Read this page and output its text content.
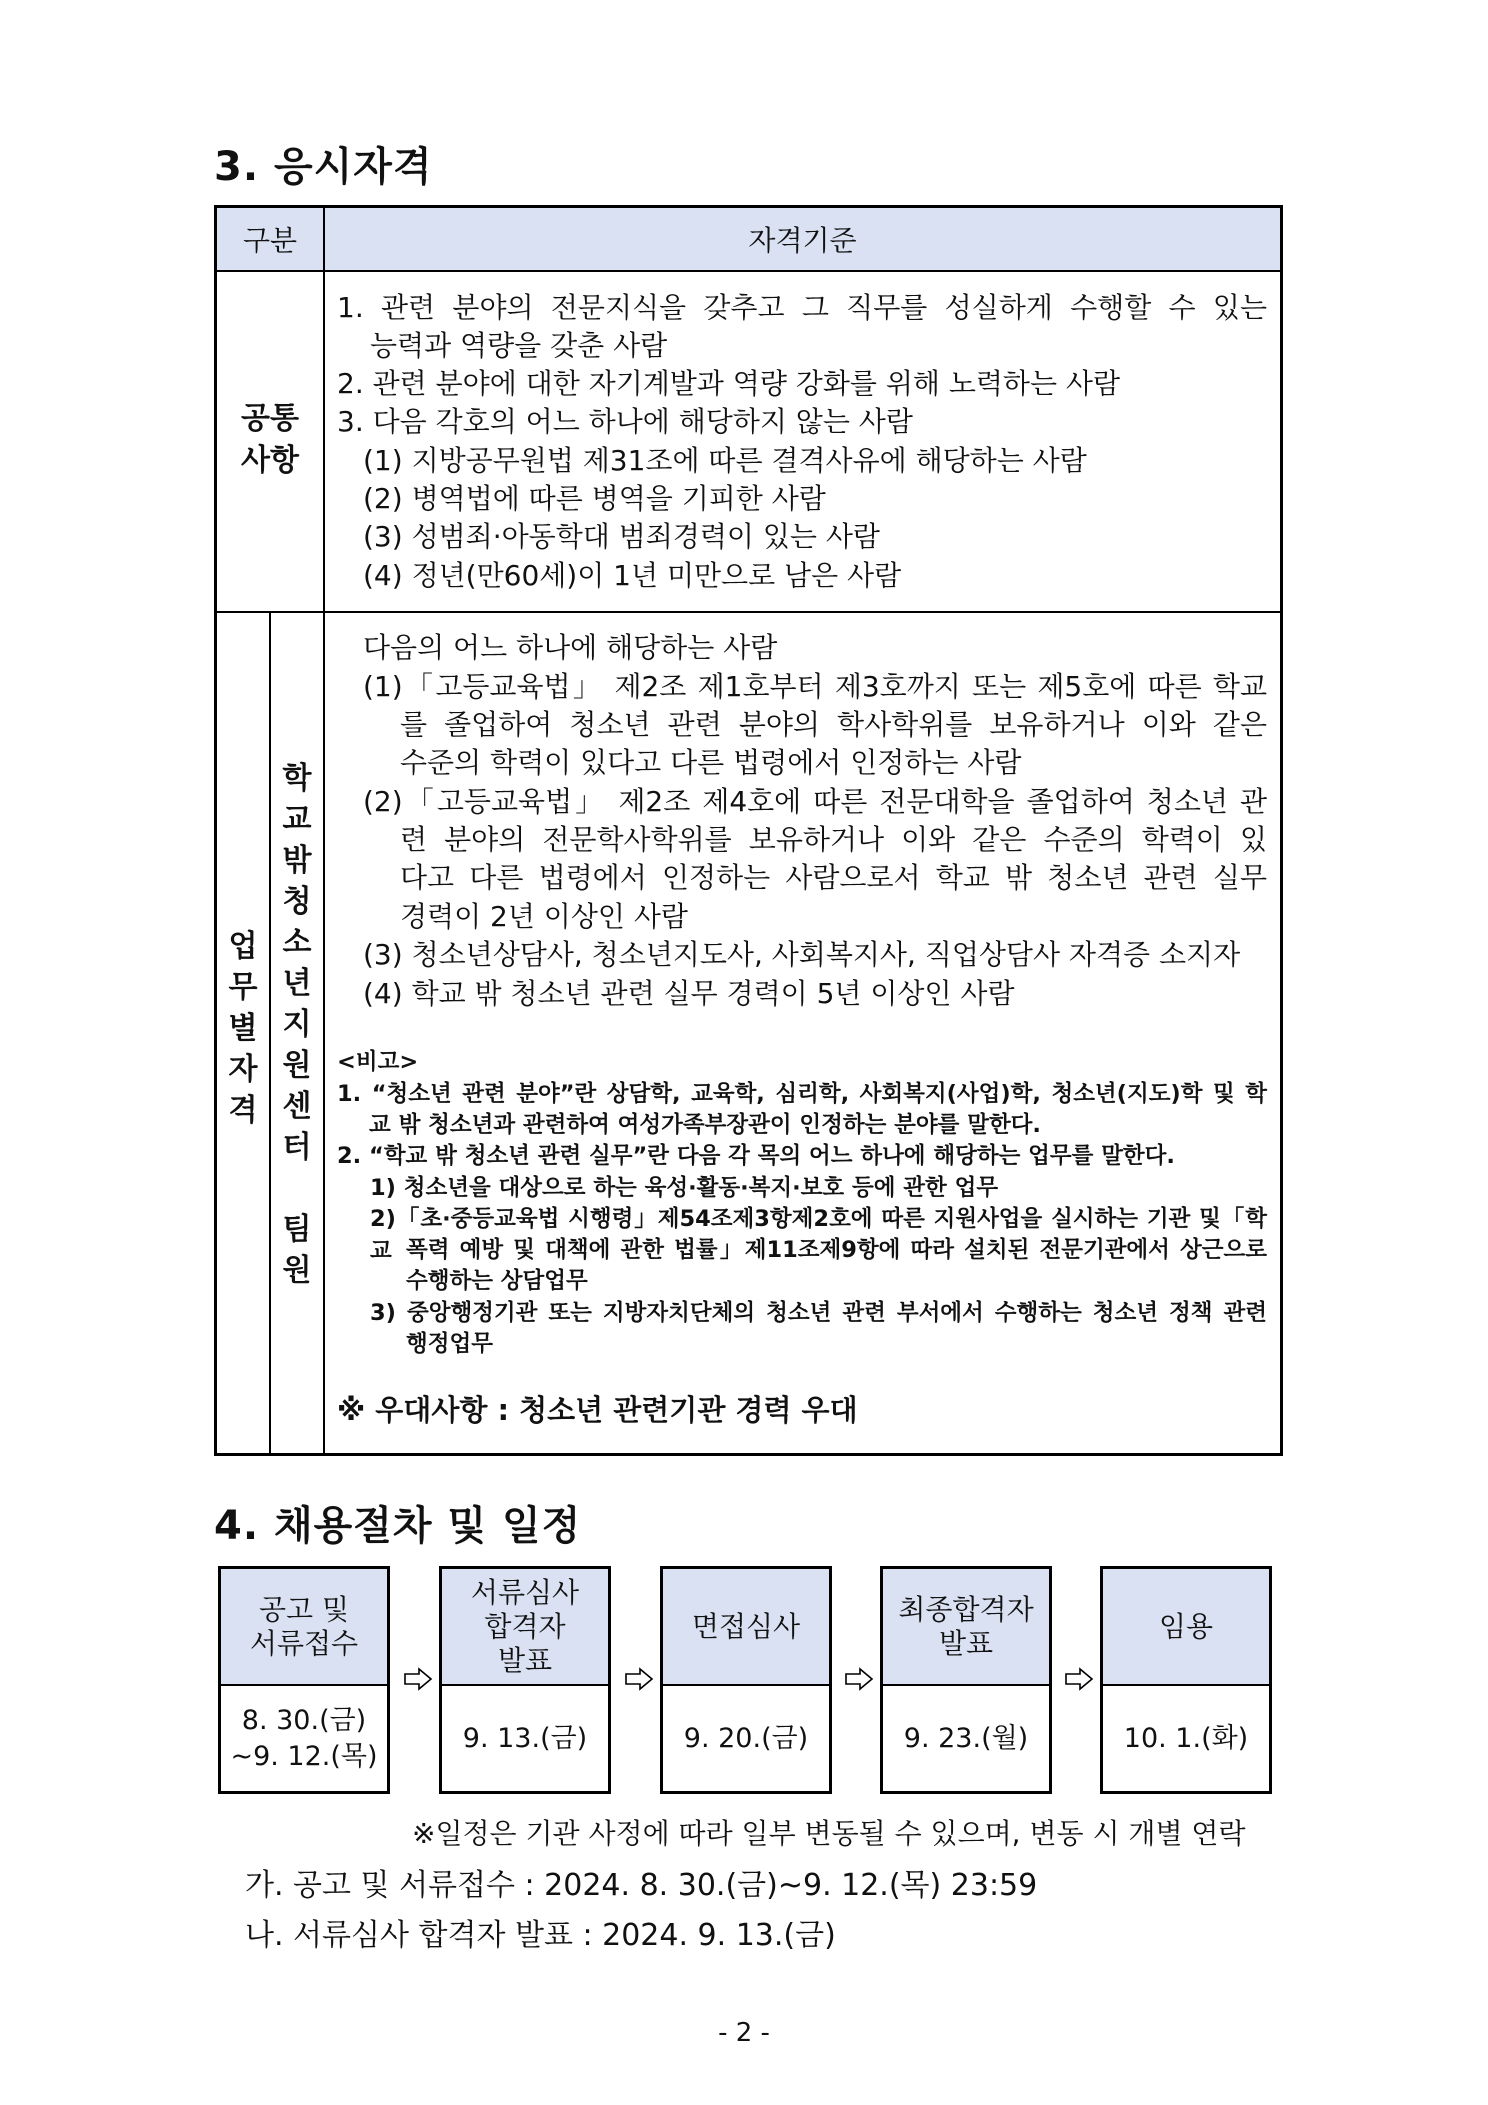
3. 응시자격
구분	자격기준
공통
사항
1. 관련 분야의 전문지식을 갖추고 그 직무를 성실하게 수행할 수 있는
능력과 역량을 갖춘 사람
2. 관련 분야에 대한 자기계발과 역량 강화를 위해 노력하는 사람
3. 다음 각호의 어느 하나에 해당하지 않는 사람
(1) 지방공무원법 제31조에 따른 결격사유에 해당하는 사람
(2) 병역법에 따른 병역을 기피한 사람
(3) 성범죄·아동학대 범죄경력이 있는 사람
(4) 정년(만60세)이 1년 미만으로 남은 사람
업
무
별
자
격
학
교
밖
청
소
년
지
원
센
터
팀
원
다음의 어느 하나에 해당하는 사람
(1)「고등교육법」 제2조 제1호부터 제3호까지 또는 제5호에 따른 학교
를 졸업하여 청소년 관련 분야의 학사학위를 보유하거나 이와 같은
수준의 학력이 있다고 다른 법령에서 인정하는 사람
(2)「고등교육법」 제2조 제4호에 따른 전문대학을 졸업하여 청소년 관
련 분야의 전문학사학위를 보유하거나 이와 같은 수준의 학력이 있
다고 다른 법령에서 인정하는 사람으로서 학교 밖 청소년 관련 실무
경력이 2년 이상인 사람
(3) 청소년상담사, 청소년지도사, 사회복지사, 직업상담사 자격증 소지자
(4) 학교 밖 청소년 관련 실무 경력이 5년 이상인 사람
<비고>
1. “청소년 관련 분야”란 상담학, 교육학, 심리학, 사회복지(사업)학, 청소년(지도)학 및 학
교 밖 청소년과 관련하여 여성가족부장관이 인정하는 분야를 말한다.
2. “학교 밖 청소년 관련 실무”란 다음 각 목의 어느 하나에 해당하는 업무를 말한다.
1) 청소년을 대상으로 하는 육성·활동·복지·보호 등에 관한 업무
2)「초·중등교육법 시행령」제54조제3항제2호에 따른 지원사업을 실시하는 기관 및「학교 폭력 예방 및 대책에 관한 법률」제11조제9항에 따라 설치된 전문기관에서 상근으로
수행하는 상담업무
3) 중앙행정기관 또는 지방자치단체의 청소년 관련 부서에서 수행하는 청소년 정책 관련
행정업무
※ 우대사항 : 청소년 관련기관 경력 우대
4. 채용절차 및 일정
공고 및
서류접수
8. 30.(금)
~9. 12.(목)
서류심사
합격자
발표
9. 13.(금)
면접심사
9. 20.(금)
최종합격자
발표
9. 23.(월)
임용
10. 1.(화)
※일정은 기관 사정에 따라 일부 변동될 수 있으며, 변동 시 개별 연락
가. 공고 및 서류접수 : 2024. 8. 30.(금)~9. 12.(목) 23:59
나. 서류심사 합격자 발표 : 2024. 9. 13.(금)
- 2 -
